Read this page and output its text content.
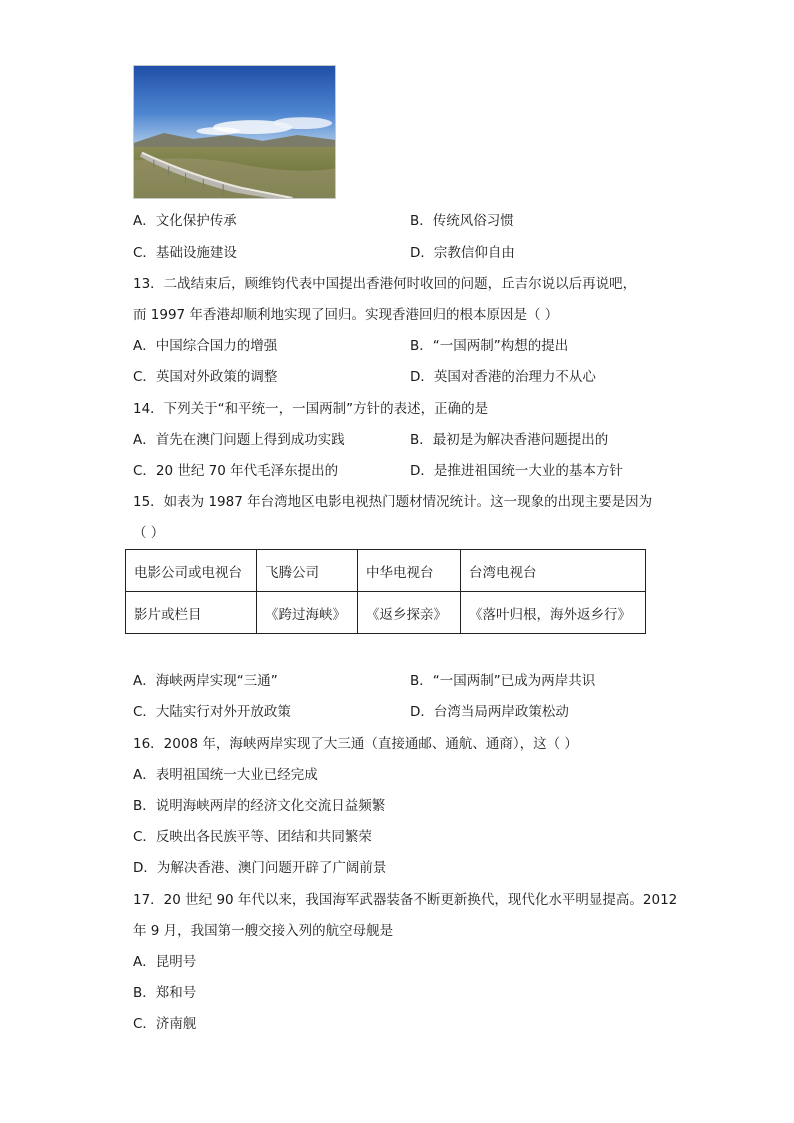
A．文化保护传承	B．传统风俗习惯
C．基础设施建设	D．宗教信仰自由
13．二战结束后，顾维钧代表中国提出香港何时收回的问题，丘吉尔说以后再说吧，
而 1997 年香港却顺利地实现了回归。实现香港回归的根本原因是（ ）
A．中国综合国力的增强	B．“一国两制”构想的提出
C．英国对外政策的调整	D．英国对香港的治理力不从心
14．下列关于“和平统一，一国两制”方针的表述，正确的是
A．首先在澳门问题上得到成功实践	B．最初是为解决香港问题提出的
C．20 世纪 70 年代毛泽东提出的	D．是推进祖国统一大业的基本方针
15．如表为 1987 年台湾地区电影电视热门题材情况统计。这一现象的出现主要是因为
（ ）
电影公司或电视台	飞腾公司	中华电视台	台湾电视台
影片或栏目	《跨过海峡》	《返乡探亲》	《落叶归根，海外返乡行》
A．海峡两岸实现“三通”	B．“一国两制”已成为两岸共识
C．大陆实行对外开放政策	D．台湾当局两岸政策松动
16．2008 年，海峡两岸实现了大三通（直接通邮、通航、通商），这（ ）
A．表明祖国统一大业已经完成
B．说明海峡两岸的经济文化交流日益频繁
C．反映出各民族平等、团结和共同繁荣
D．为解决香港、澳门问题开辟了广阔前景
17．20 世纪 90 年代以来，我国海军武器装备不断更新换代，现代化水平明显提高。2012
年 9 月，我国第一艘交接入列的航空母舰是
A．昆明号
B．郑和号
C．济南舰
